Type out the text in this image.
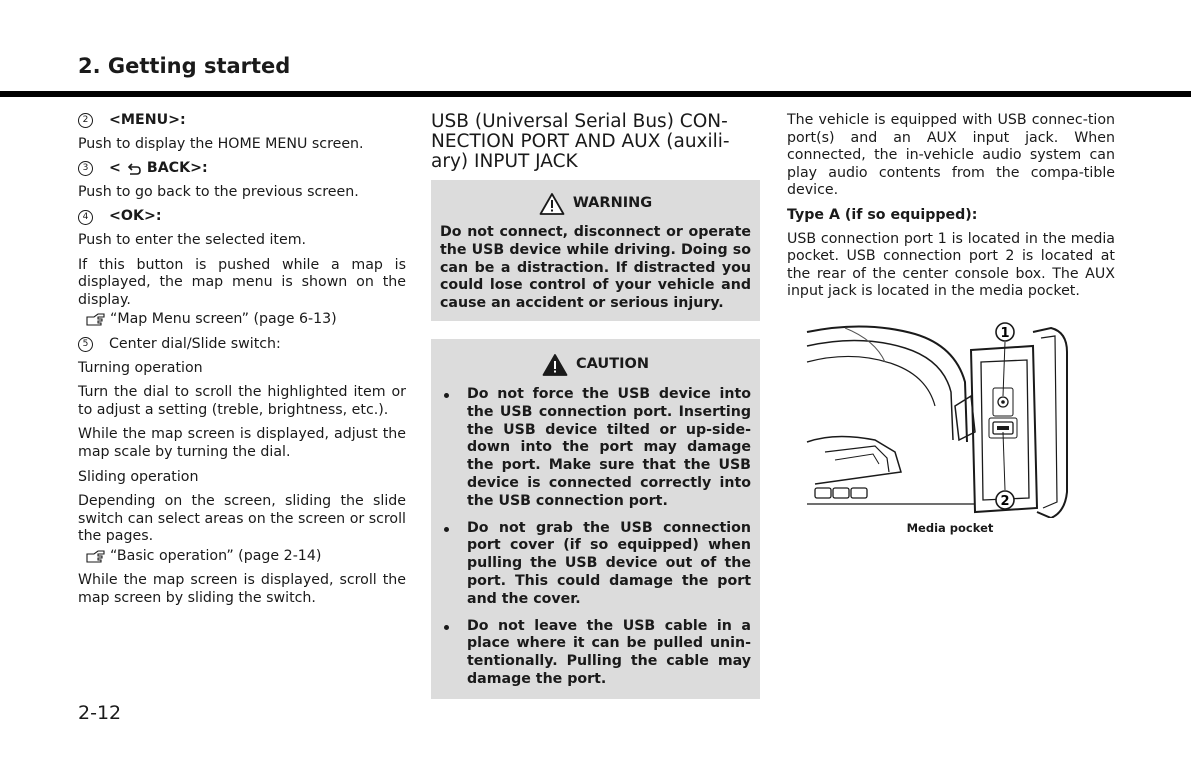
2. Getting started
2	<MENU>:
Push to display the HOME MENU screen.
3	< BACK>:
Push to go back to the previous screen.
4	<OK>:
Push to enter the selected item.
If this button is pushed while a map is displayed, the map menu is shown on the display.
“Map Menu screen” (page 6-13)
5	Center dial/Slide switch:
Turning operation
Turn the dial to scroll the highlighted item or to adjust a setting (treble, brightness, etc.).
While the map screen is displayed, adjust the map scale by turning the dial.
Sliding operation
Depending on the screen, sliding the slide switch can select areas on the screen or scroll the pages.
“Basic operation” (page 2-14)
While the map screen is displayed, scroll the map screen by sliding the switch.
USB (Universal Serial Bus) CON-NECTION PORT AND AUX (auxili-ary) INPUT JACK
WARNING
Do not connect, disconnect or operate the USB device while driving. Doing so can be a distraction. If distracted you could lose control of your vehicle and cause an accident or serious injury.
CAUTION
Do not force the USB device into the USB connection port. Inserting the USB device tilted or up-side-down into the port may damage the port. Make sure that the USB device is connected correctly into the USB connection port.
Do not grab the USB connection port cover (if so equipped) when pulling the USB device out of the port. This could damage the port and the cover.
Do not leave the USB cable in a place where it can be pulled unin-tentionally. Pulling the cable may damage the port.
The vehicle is equipped with USB connec-tion port(s) and an AUX input jack. When connected, the in-vehicle audio system can play audio contents from the compa-tible device.
Type A (if so equipped):
USB connection port 1 is located in the media pocket. USB connection port 2 is located at the rear of the center console box. The AUX input jack is located in the media pocket.
1
2
Media pocket
2-12
